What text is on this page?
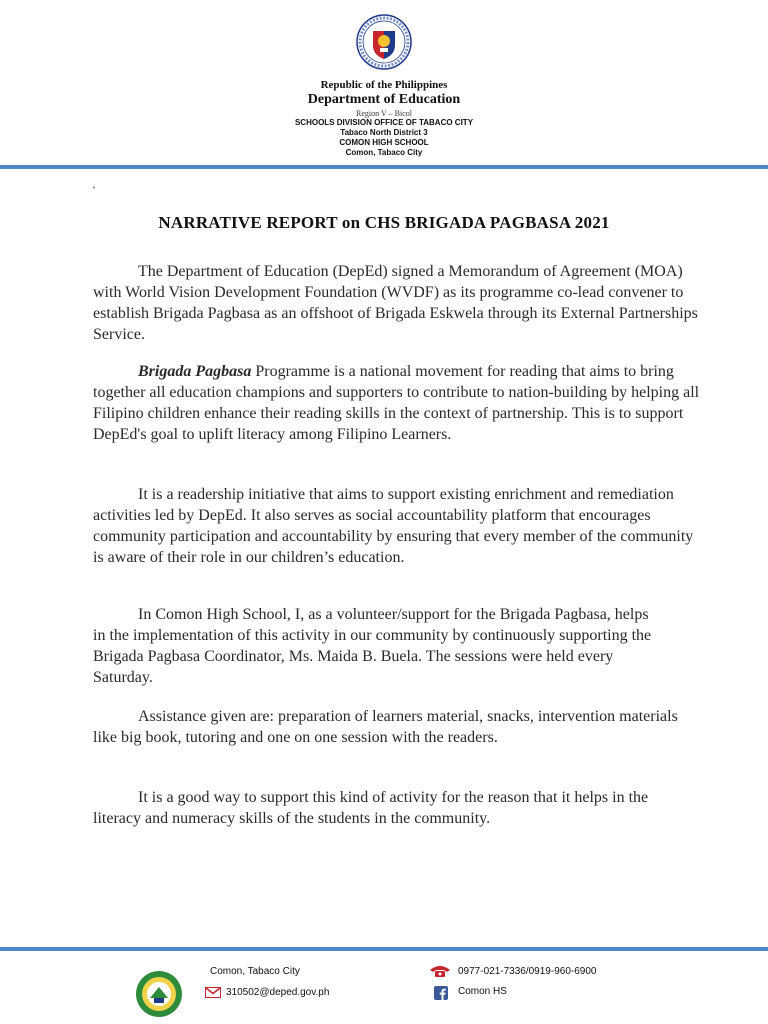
Republic of the Philippines
Department of Education
Region V – Bicol
SCHOOLS DIVISION OFFICE OF TABACO CITY
Tabaco North District 3
COMON HIGH SCHOOL
Comon, Tabaco City
`
NARRATIVE REPORT on CHS BRIGADA PAGBASA 2021

The Department of Education (DepEd) signed a Memorandum of Agreement (MOA) with World Vision Development Foundation (WVDF) as its programme co-lead convener to establish Brigada Pagbasa as an offshoot of Brigada Eskwela through its External Partnerships Service.

Brigada Pagbasa Programme is a national movement for reading that aims to bring together all education champions and supporters to contribute to nation-building by helping all Filipino children enhance their reading skills in the context of partnership. This is to support DepEd's goal to uplift literacy among Filipino Learners.

It is a readership initiative that aims to support existing enrichment and remediation activities led by DepEd. It also serves as social accountability platform that encourages community participation and accountability by ensuring that every member of the community is aware of their role in our children’s education.

In Comon High School, I, as a volunteer/support for the Brigada Pagbasa, helps in the implementation of this activity in our community by continuously supporting the Brigada Pagbasa Coordinator, Ms. Maida B. Buela. The sessions were held every Saturday.

Assistance given are: preparation of learners material, snacks, intervention materials like big book, tutoring and one on one session with the readers.

It is a good way to support this kind of activity for the reason that it helps in the literacy and numeracy skills of the students in the community.

Comon, Tabaco City
310502@deped.gov.ph
0977-021-7336/0919-960-6900
Comon HS
